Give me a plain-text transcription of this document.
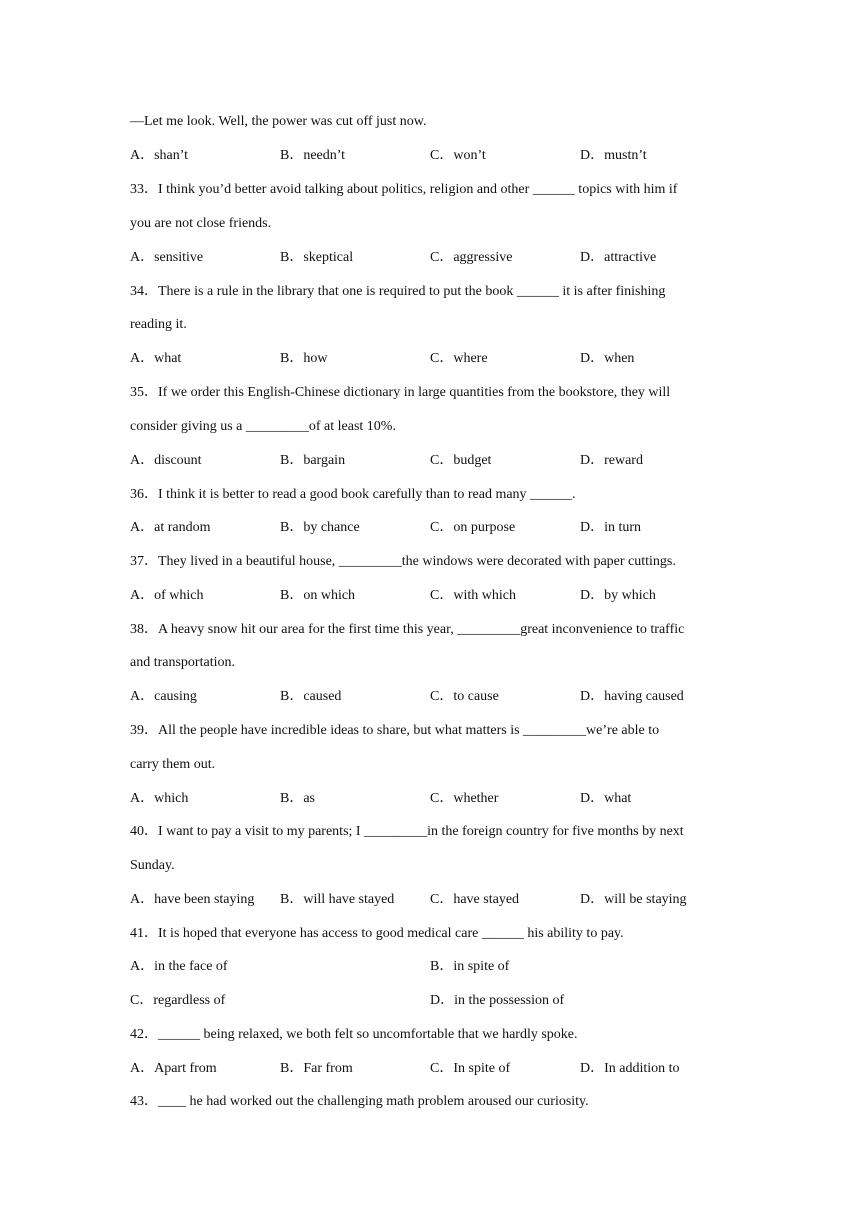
—Let me look. Well, the power was cut off just now.
A．shan’t	B．needn’t	C．won’t	D．mustn’t
33．I think you’d better avoid talking about politics, religion and other ______ topics with him if
you are not close friends.
A．sensitive	B．skeptical	C．aggressive	D．attractive
34．There is a rule in the library that one is required to put the book ______ it is after finishing
reading it.
A．what	B．how	C．where	D．when
35．If we order this English-Chinese dictionary in large quantities from the bookstore, they will
consider giving us a _________of at least 10%.
A．discount	B．bargain	C．budget	D．reward
36．I think it is better to read a good book carefully than to read many ______.
A．at random	B．by chance	C．on purpose	D．in turn
37．They lived in a beautiful house, _________the windows were decorated with paper cuttings.
A．of which	B．on which	C．with which	D．by which
38．A heavy snow hit our area for the first time this year, _________great inconvenience to traffic
and transportation.
A．causing	B．caused	C．to cause	D．having caused
39．All the people have incredible ideas to share, but what matters is _________we’re able to
carry them out.
A．which	B．as	C．whether	D．what
40．I want to pay a visit to my parents; I _________in the foreign country for five months by next
Sunday.
A．have been staying B．will have stayed	C．have stayed	D．will be staying
41．It is hoped that everyone has access to good medical care ______ his ability to pay.
A．in the face of	B．in spite of
C．regardless of	D．in the possession of
42．______ being relaxed, we both felt so uncomfortable that we hardly spoke.
A．Apart from	B．Far from	C．In spite of	D．In addition to
43．____ he had worked out the challenging math problem aroused our curiosity.
